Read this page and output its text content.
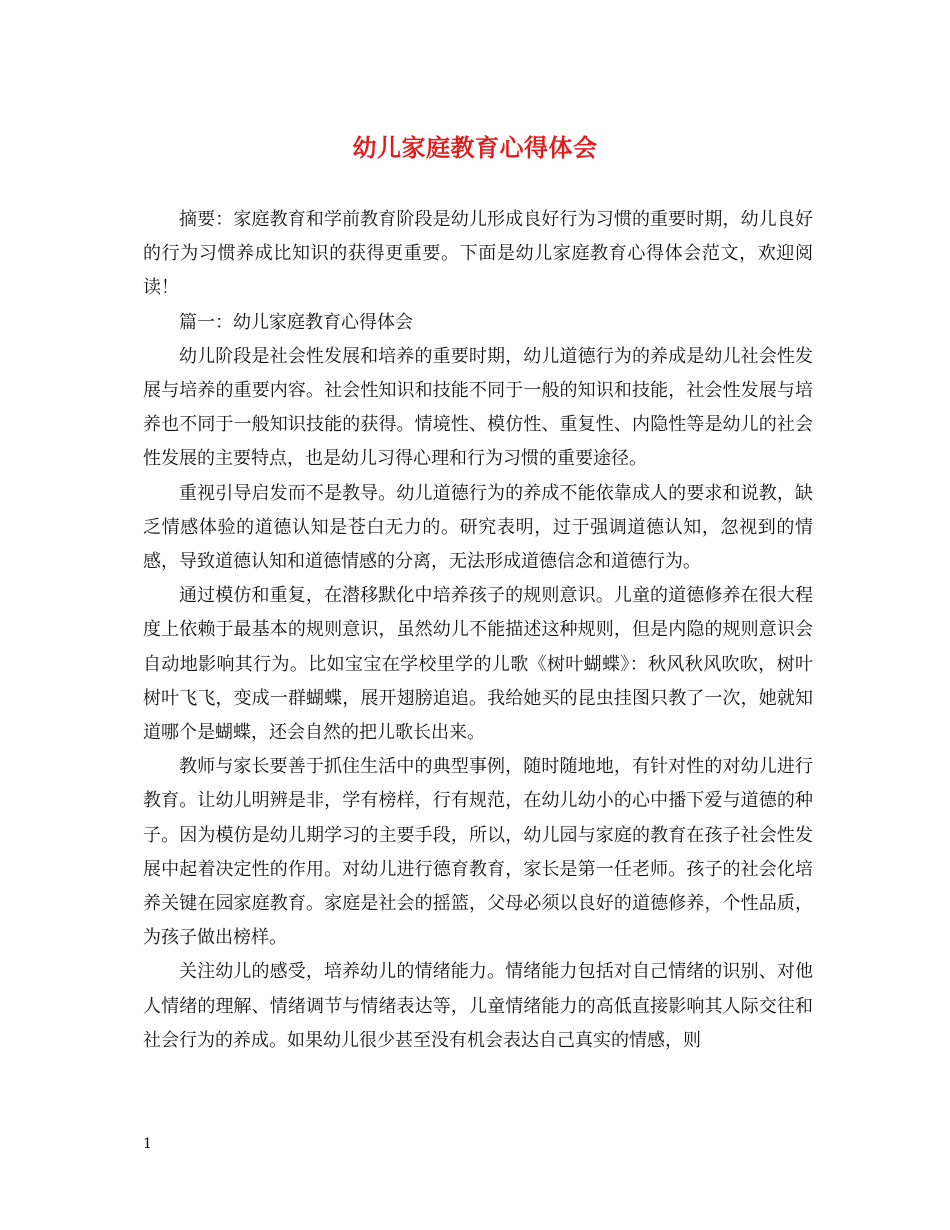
幼儿家庭教育心得体会

摘要：家庭教育和学前教育阶段是幼儿形成良好行为习惯的重要时期，幼儿良好的行为习惯养成比知识的获得更重要。下面是幼儿家庭教育心得体会范文，欢迎阅读！

篇一：幼儿家庭教育心得体会

幼儿阶段是社会性发展和培养的重要时期，幼儿道德行为的养成是幼儿社会性发展与培养的重要内容。社会性知识和技能不同于一般的知识和技能，社会性发展与培养也不同于一般知识技能的获得。情境性、模仿性、重复性、内隐性等是幼儿的社会性发展的主要特点，也是幼儿习得心理和行为习惯的重要途径。

重视引导启发而不是教导。幼儿道德行为的养成不能依靠成人的要求和说教，缺乏情感体验的道德认知是苍白无力的。研究表明，过于强调道德认知，忽视到的情感，导致道德认知和道德情感的分离，无法形成道德信念和道德行为。

通过模仿和重复，在潜移默化中培养孩子的规则意识。儿童的道德修养在很大程度上依赖于最基本的规则意识，虽然幼儿不能描述这种规则，但是内隐的规则意识会自动地影响其行为。比如宝宝在学校里学的儿歌《树叶蝴蝶》：秋风秋风吹吹，树叶树叶飞飞，变成一群蝴蝶，展开翅膀追追。我给她买的昆虫挂图只教了一次，她就知道哪个是蝴蝶，还会自然的把儿歌长出来。

教师与家长要善于抓住生活中的典型事例，随时随地地，有针对性的对幼儿进行教育。让幼儿明辨是非，学有榜样，行有规范，在幼儿幼小的心中播下爱与道德的种子。因为模仿是幼儿期学习的主要手段，所以，幼儿园与家庭的教育在孩子社会性发展中起着决定性的作用。对幼儿进行德育教育，家长是第一任老师。孩子的社会化培养关键在园家庭教育。家庭是社会的摇篮，父母必须以良好的道德修养，个性品质，为孩子做出榜样。

关注幼儿的感受，培养幼儿的情绪能力。情绪能力包括对自己情绪的识别、对他人情绪的理解、情绪调节与情绪表达等，儿童情绪能力的高低直接影响其人际交往和社会行为的养成。如果幼儿很少甚至没有机会表达自己真实的情感，则

1
